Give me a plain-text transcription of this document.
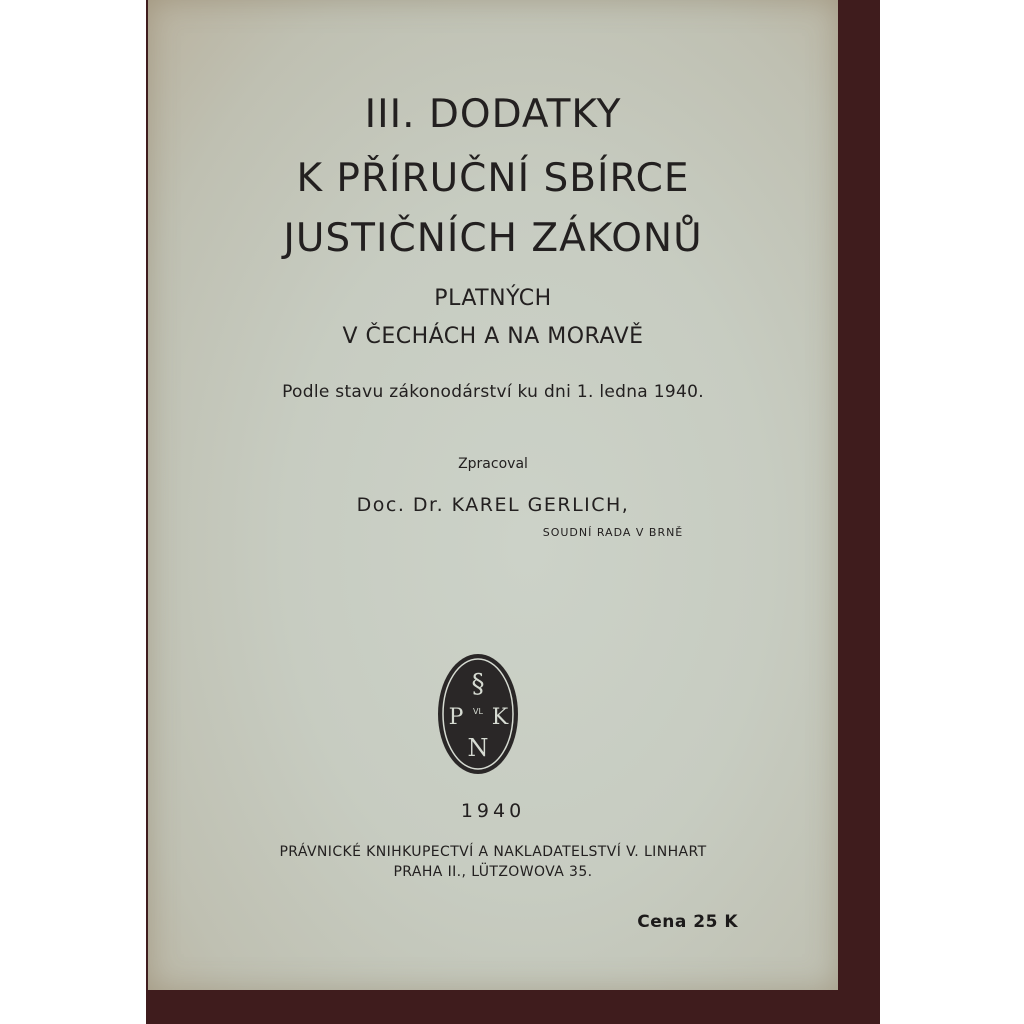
III. DODATKY
K PŘÍRUČNÍ SBÍRCE
JUSTIČNÍCH ZÁKONŮ
PLATNÝCH
V ČECHÁCH A NA MORAVĚ
Podle stavu zákonodárství ku dni 1. ledna 1940.
Zpracoval
Doc. Dr. KAREL GERLICH,
SOUDNÍ RADA V BRNĚ
§
P K
VL
N
1940
PRÁVNICKÉ KNIHKUPECTVÍ A NAKLADATELSTVÍ V. LINHART
PRAHA II., LÜTZOWOVA 35.
Cena 25 K
